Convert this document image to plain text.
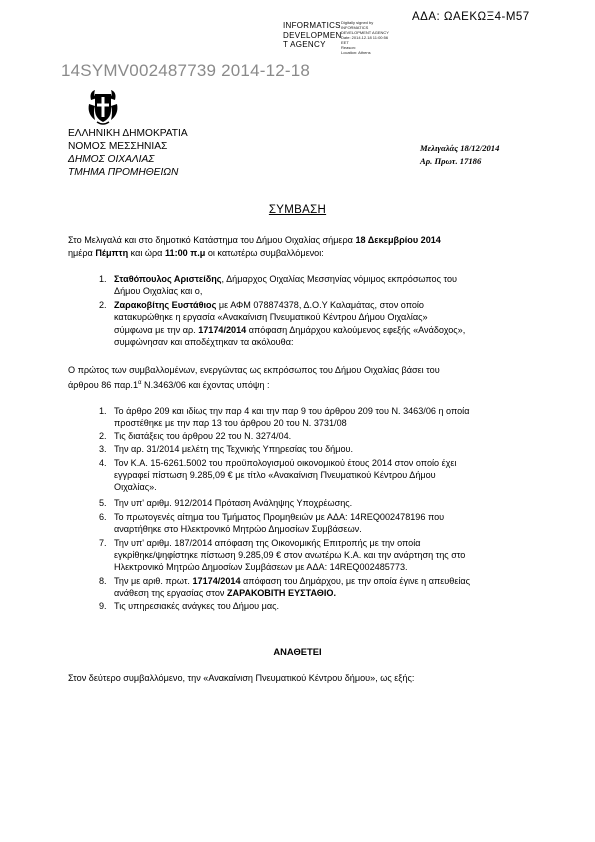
ΑΔΑ: ΩΑΕΚΩΞ4-Μ57
INFORMATICS
DEVELOPMEN
T AGENCY
Digitally signed by
INFORMATICS
DEVELOPMENT AGENCY
Date: 2014.12.18 11:00:56
EET
Reason:
Location: Athens
14SYMV002487739 2014-12-18
ΕΛΛΗΝΙΚΗ ΔΗΜΟΚΡΑΤΙΑ
ΝΟΜΟΣ ΜΕΣΣΗΝΙΑΣ
ΔΗΜΟΣ ΟΙΧΑΛΙΑΣ
ΤΜΗΜΑ ΠΡΟΜΗΘΕΙΩΝ
Μελιγαλάς 18/12/2014
Αρ. Πρωτ. 17186
ΣΥΜΒΑΣΗ
Στο Μελιγαλά και στο δημοτικό Κατάστημα του Δήμου Οιχαλίας σήμερα 18 Δεκεμβρίου 2014
ημέρα Πέμπτη και ώρα 11:00 π.μ οι κατωτέρω συμβαλλόμενοι:
1. Σταθόπουλος Αριστείδης, Δήμαρχος Οιχαλίας Μεσσηνίας νόμιμος εκπρόσωπος του
Δήμου Οιχαλίας και ο,
2. Ζαρακοβίτης Ευστάθιος με ΑΦΜ 078874378, Δ.Ο.Υ Καλαμάτας, στον οποίο
κατακυρώθηκε η εργασία «Ανακαίνιση Πνευματικού Κέντρου Δήμου Οιχαλίας»
σύμφωνα με την αρ. 17174/2014 απόφαση Δημάρχου καλούμενος εφεξής «Ανάδοχος»,
συμφώνησαν και αποδέχτηκαν τα ακόλουθα:
Ο πρώτος των συμβαλλομένων, ενεργώντας ως εκπρόσωπος του Δήμου Οιχαλίας βάσει του
άρθρου 86 $\pi\alpha\rho.1^\alpha$ Ν.3463/06 και έχοντας υπόψη :
1. Το άρθρο 209 και ιδίως την παρ 4 και την παρ 9 του άρθρου 209 του Ν. 3463/06 η οποία
προστέθηκε με την παρ 13 του άρθρου 20 του Ν. 3731/08
2. Τις διατάξεις του άρθρου 22 του Ν. 3274/04.
3. Την αρ. 31/2014 μελέτη της Τεχνικής Υπηρεσίας του δήμου.
4. Τον Κ.Α. 15-6261.5002 του προϋπολογισμού οικονομικού έτους 2014 στον οποίο έχει
εγγραφεί πίστωση 9.285,09 € με τίτλο «Ανακαίνιση Πνευματικού Κέντρου Δήμου
Οιχαλίας».
5. Την υπ' αριθμ. 912/2014 Πρόταση Ανάληψης Υποχρέωσης.
6. Το πρωτογενές αίτημα του Τμήματος Προμηθειών με ΑΔΑ: 14REQ002478196 που
αναρτήθηκε στο Ηλεκτρονικό Μητρώο Δημοσίων Συμβάσεων.
7. Την υπ' αριθμ. 187/2014 απόφαση της Οικονομικής Επιτροπής με την οποία
εγκρίθηκε/ψηφίστηκε πίστωση 9.285,09 € στον ανωτέρω Κ.Α. και την ανάρτηση της στο
Ηλεκτρονικό Μητρώο Δημοσίων Συμβάσεων με ΑΔΑ: 14REQ002485773.
8. Την με αριθ. πρωτ. 17174/2014 απόφαση του Δημάρχου, με την οποία έγινε η απευθείας
ανάθεση της εργασίας στον ΖΑΡΑΚΟΒΙΤΗ ΕΥΣΤΑΘΙΟ.
9. Τις υπηρεσιακές ανάγκες του Δήμου μας.
ΑΝΑΘΕΤΕΙ
Στον δεύτερο συμβαλλόμενο, την «Ανακαίνιση Πνευματικού Κέντρου δήμου», ως εξής:
